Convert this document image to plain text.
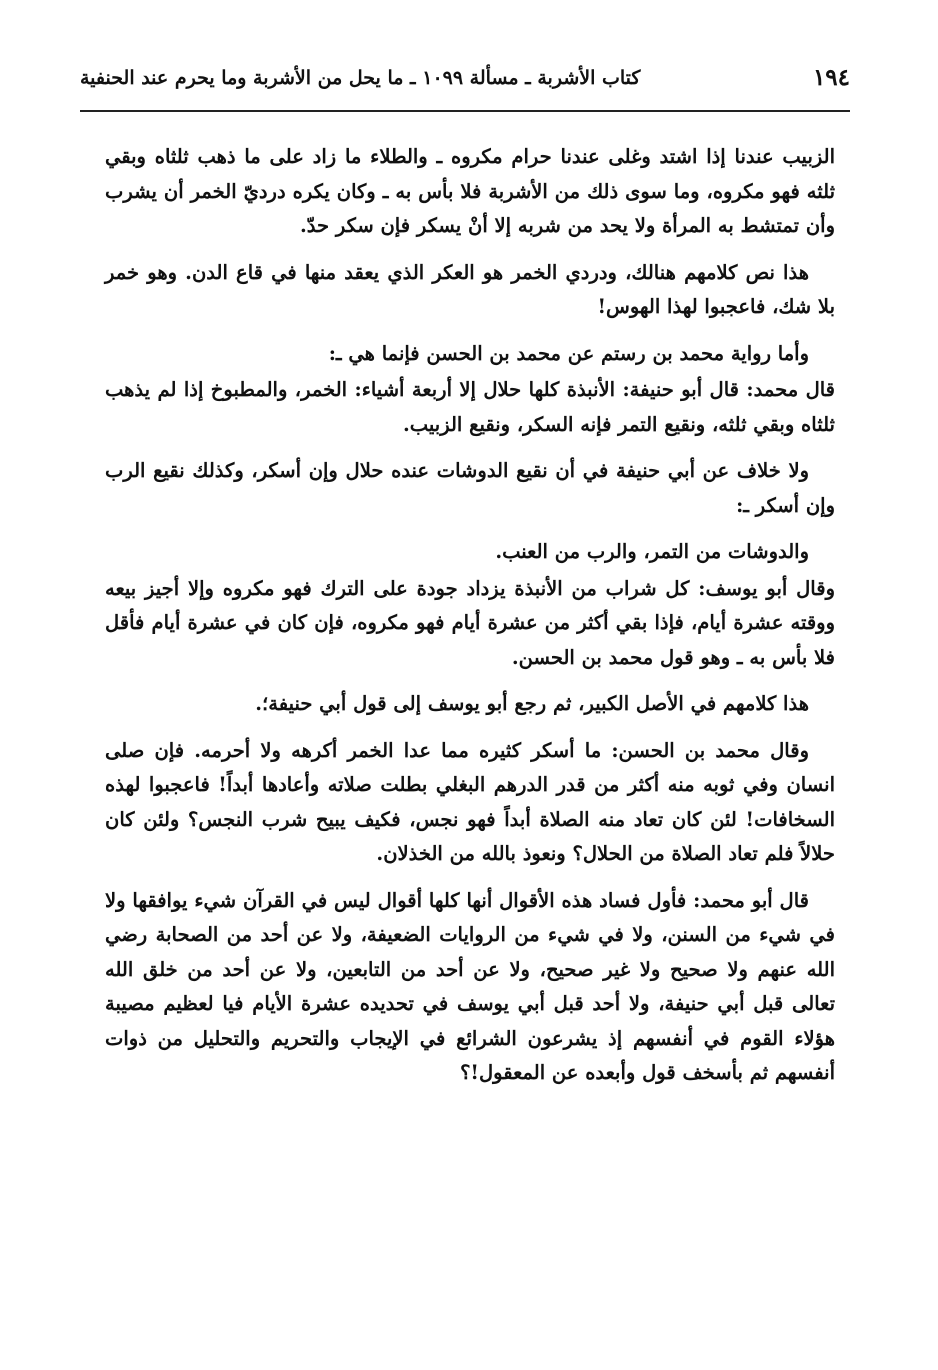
١٩٤
كتاب الأشربة ـ مسألة ١٠٩٩ ـ ما يحل من الأشربة وما يحرم عند الحنفية

الزبيب عندنا إذا اشتد وغلى عندنا حرام مكروه ـ والطلاء ما زاد على ما ذهب ثلثاه وبقي ثلثه فهو مكروه، وما سوى ذلك من الأشربة فلا بأس به ـ وكان يكره درديّ الخمر أن يشرب وأن تمتشط به المرأة ولا يحد من شربه إلا أنْ يسكر فإن سكر حدّ.

هذا نص كلامهم هنالك، ودردي الخمر هو العكر الذي يعقد منها في قاع الدن. وهو خمر بلا شك، فاعجبوا لهذا الهوس!

وأما رواية محمد بن رستم عن محمد بن الحسن فإنما هي ـ:

قال محمد: قال أبو حنيفة: الأنبذة كلها حلال إلا أربعة أشياء: الخمر، والمطبوخ إذا لم يذهب ثلثاه وبقي ثلثه، ونقيع التمر فإنه السكر، ونقيع الزبيب.

ولا خلاف عن أبي حنيفة في أن نقيع الدوشات عنده حلال وإن أسكر، وكذلك نقيع الرب وإن أسكر ـ:

والدوشات من التمر، والرب من العنب.

وقال أبو يوسف: كل شراب من الأنبذة يزداد جودة على الترك فهو مكروه وإلا أجيز بيعه ووقته عشرة أيام، فإذا بقي أكثر من عشرة أيام فهو مكروه، فإن كان في عشرة أيام فأقل فلا بأس به ـ وهو قول محمد بن الحسن.

هذا كلامهم في الأصل الكبير، ثم رجع أبو يوسف إلى قول أبي حنيفة؛.

وقال محمد بن الحسن: ما أسكر كثيره مما عدا الخمر أكرهه ولا أحرمه. فإن صلى انسان وفي ثوبه منه أكثر من قدر الدرهم البغلي بطلت صلاته وأعادها أبداً! فاعجبوا لهذه السخافات! لئن كان تعاد منه الصلاة أبداً فهو نجس، فكيف يبيح شرب النجس؟ ولئن كان حلالاً فلم تعاد الصلاة من الحلال؟ ونعوذ بالله من الخذلان.

قال أبو محمد: فأول فساد هذه الأقوال أنها كلها أقوال ليس في القرآن شيء يوافقها ولا في شيء من السنن، ولا في شيء من الروايات الضعيفة، ولا عن أحد من الصحابة رضي الله عنهم ولا صحيح ولا غير صحيح، ولا عن أحد من التابعين، ولا عن أحد من خلق الله تعالى قبل أبي حنيفة، ولا أحد قبل أبي يوسف في تحديده عشرة الأيام فيا لعظيم مصيبة هؤلاء القوم في أنفسهم إذ يشرعون الشرائع في الإيجاب والتحريم والتحليل من ذوات أنفسهم ثم بأسخف قول وأبعده عن المعقول!؟
